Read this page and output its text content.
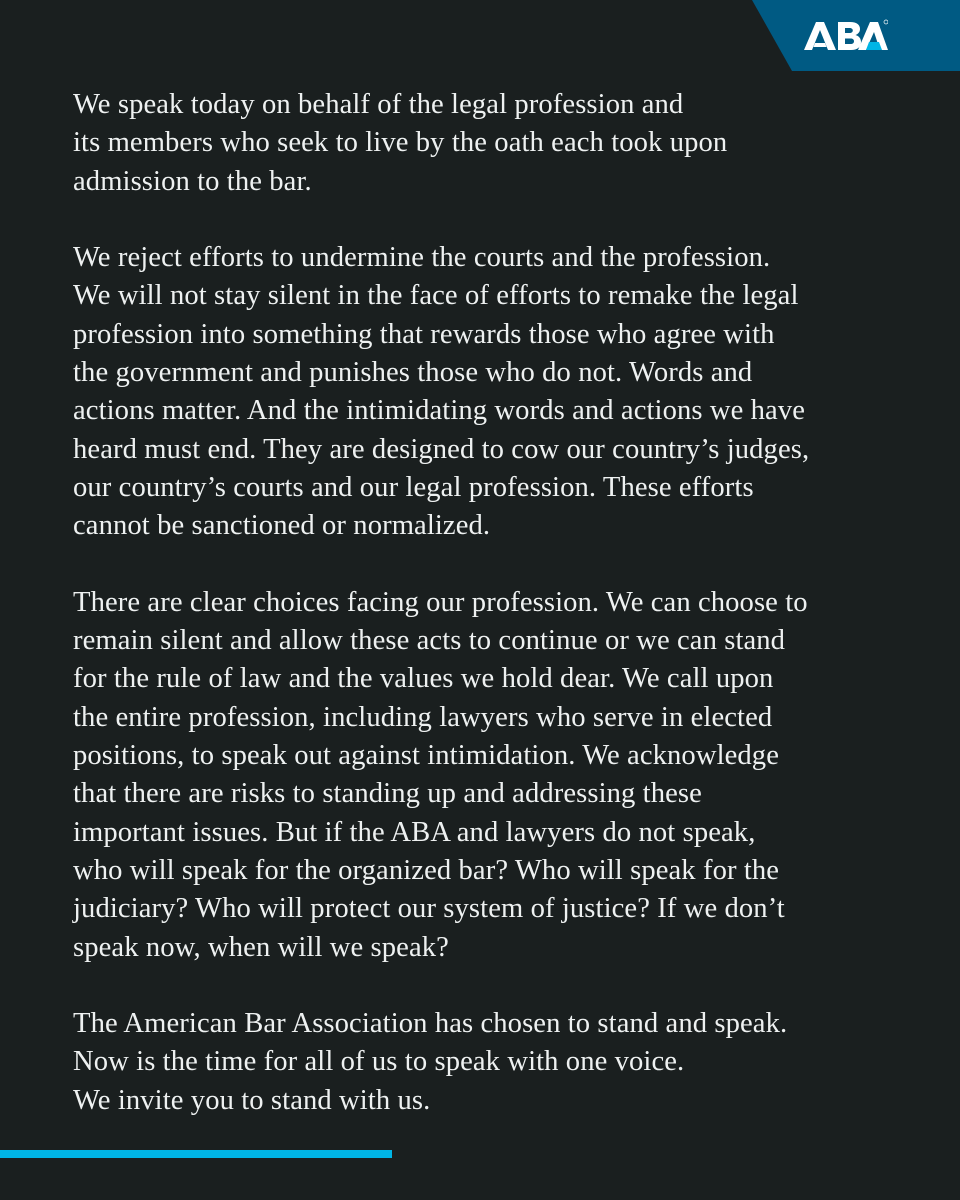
We speak today on behalf of the legal profession and
its members who seek to live by the oath each took upon
admission to the bar.

We reject efforts to undermine the courts and the profession.
We will not stay silent in the face of efforts to remake the legal
profession into something that rewards those who agree with
the government and punishes those who do not. Words and
actions matter. And the intimidating words and actions we have
heard must end. They are designed to cow our country’s judges,
our country’s courts and our legal profession. These efforts
cannot be sanctioned or normalized.

There are clear choices facing our profession. We can choose to
remain silent and allow these acts to continue or we can stand
for the rule of law and the values we hold dear. We call upon
the entire profession, including lawyers who serve in elected
positions, to speak out against intimidation. We acknowledge
that there are risks to standing up and addressing these
important issues. But if the ABA and lawyers do not speak,
who will speak for the organized bar? Who will speak for the
judiciary? Who will protect our system of justice? If we don’t
speak now, when will we speak?

The American Bar Association has chosen to stand and speak.
Now is the time for all of us to speak with one voice.
We invite you to stand with us.
